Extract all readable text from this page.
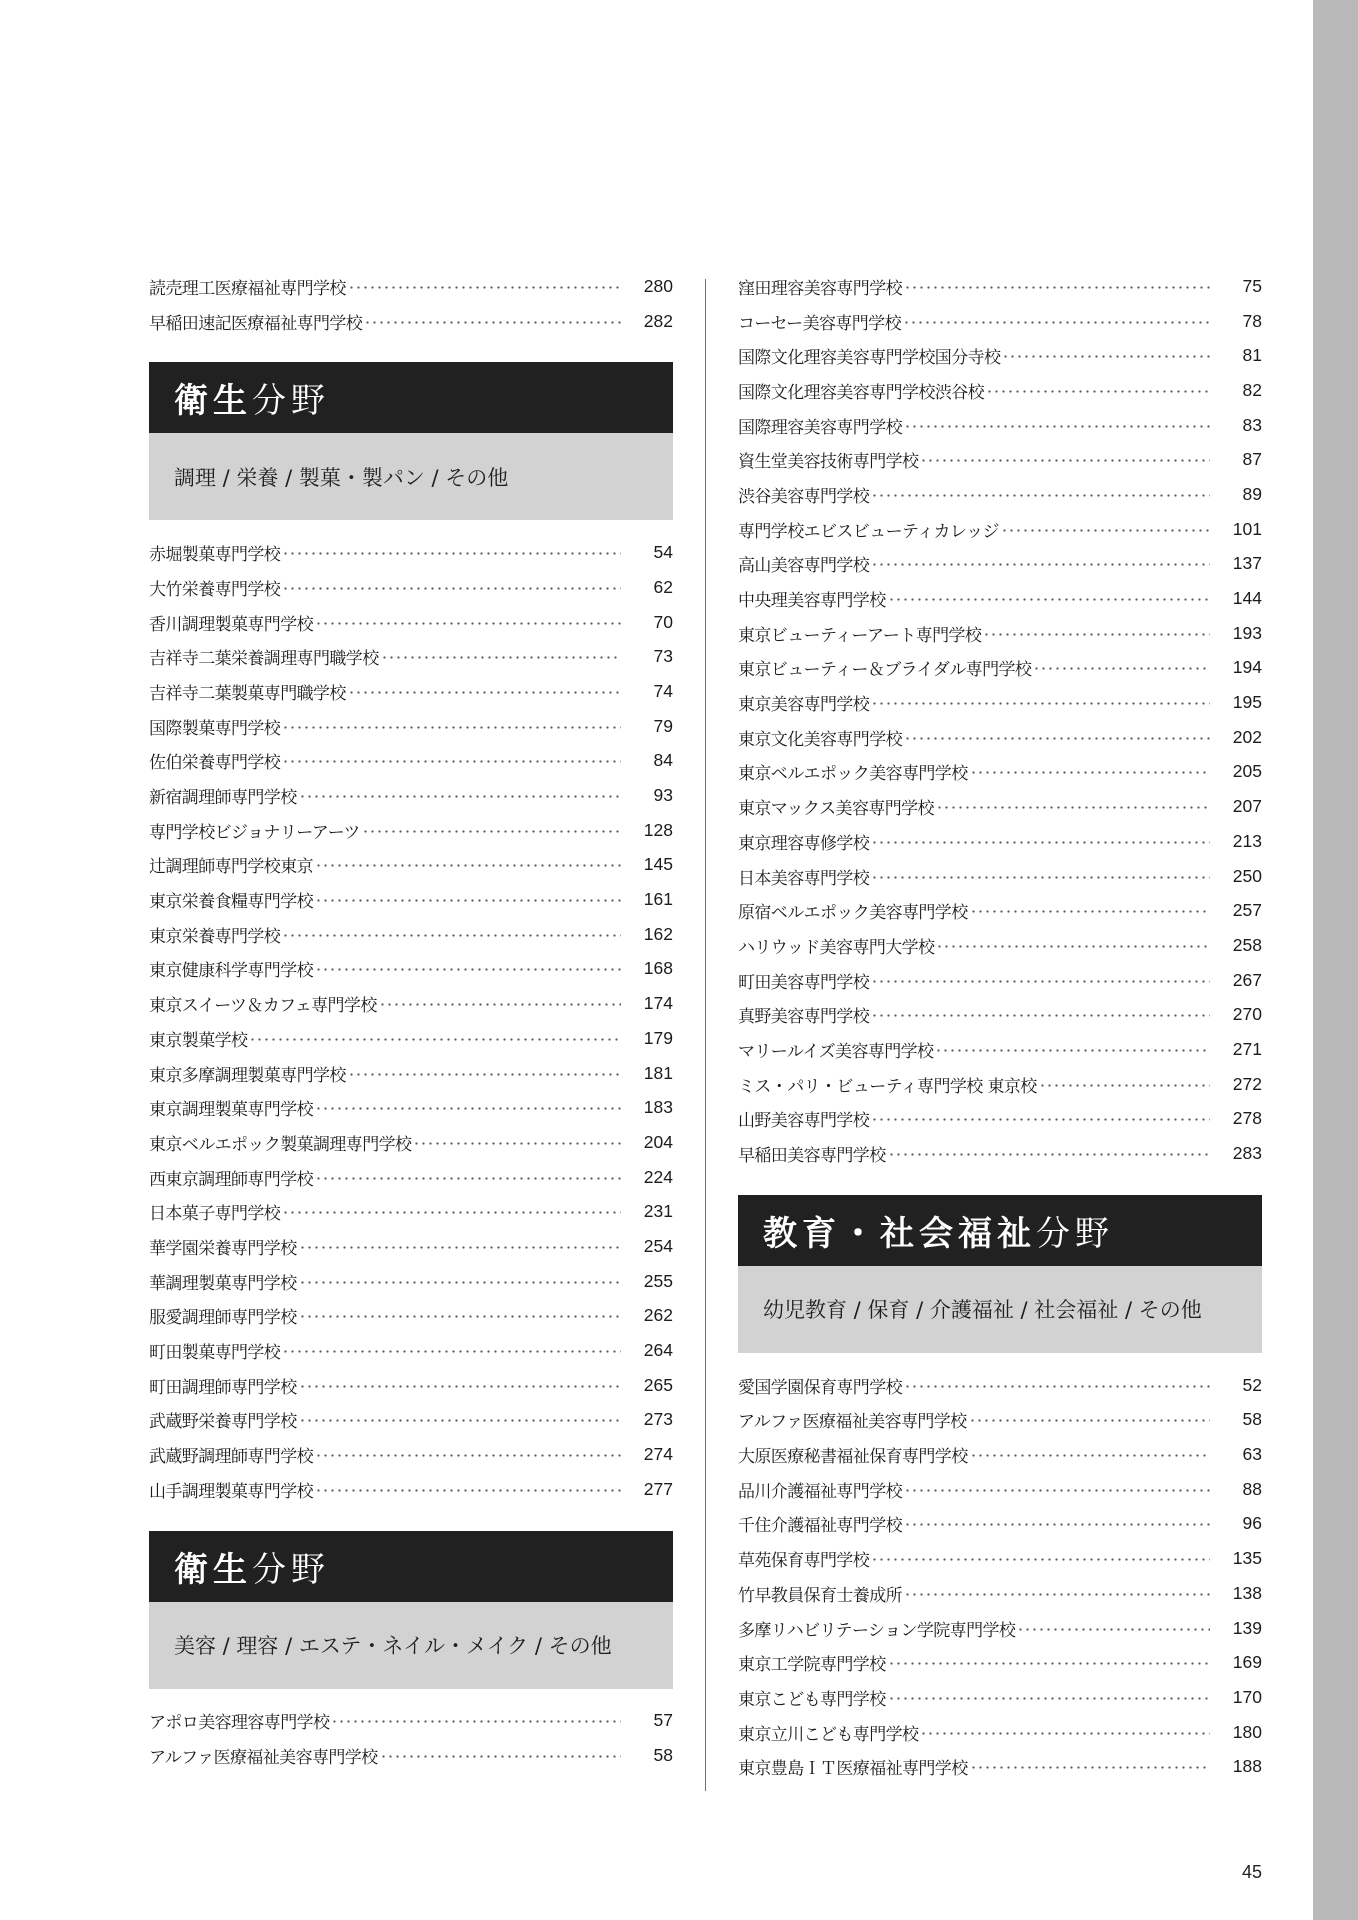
読売理工医療福祉専門学校	280
早稲田速記医療福祉専門学校	282
衛生 分野
調理 / 栄養 / 製菓・製パン / その他
赤堀製菓専門学校	54
大竹栄養専門学校	62
香川調理製菓専門学校	70
吉祥寺二葉栄養調理専門職学校	73
吉祥寺二葉製菓専門職学校	74
国際製菓専門学校	79
佐伯栄養専門学校	84
新宿調理師専門学校	93
専門学校ビジョナリーアーツ	128
辻調理師専門学校東京	145
東京栄養食糧専門学校	161
東京栄養専門学校	162
東京健康科学専門学校	168
東京スイーツ＆カフェ専門学校	174
東京製菓学校	179
東京多摩調理製菓専門学校	181
東京調理製菓専門学校	183
東京ベルエポック製菓調理専門学校	204
西東京調理師専門学校	224
日本菓子専門学校	231
華学園栄養専門学校	254
華調理製菓専門学校	255
服愛調理師専門学校	262
町田製菓専門学校	264
町田調理師専門学校	265
武蔵野栄養専門学校	273
武蔵野調理師専門学校	274
山手調理製菓専門学校	277
衛生 分野
美容 / 理容 / エステ・ネイル・メイク / その他
アポロ美容理容専門学校	57
アルファ医療福祉美容専門学校	58
窪田理容美容専門学校	75
コーセー美容専門学校	78
国際文化理容美容専門学校国分寺校	81
国際文化理容美容専門学校渋谷校	82
国際理容美容専門学校	83
資生堂美容技術専門学校	87
渋谷美容専門学校	89
専門学校エビスビューティカレッジ	101
高山美容専門学校	137
中央理美容専門学校	144
東京ビューティーアート専門学校	193
東京ビューティー＆ブライダル専門学校	194
東京美容専門学校	195
東京文化美容専門学校	202
東京ベルエポック美容専門学校	205
東京マックス美容専門学校	207
東京理容専修学校	213
日本美容専門学校	250
原宿ベルエポック美容専門学校	257
ハリウッド美容専門大学校	258
町田美容専門学校	267
真野美容専門学校	270
マリールイズ美容専門学校	271
ミス・パリ・ビューティ専門学校 東京校	272
山野美容専門学校	278
早稲田美容専門学校	283
教育・社会福祉 分野
幼児教育 / 保育 / 介護福祉 / 社会福祉 / その他
愛国学園保育専門学校	52
アルファ医療福祉美容専門学校	58
大原医療秘書福祉保育専門学校	63
品川介護福祉専門学校	88
千住介護福祉専門学校	96
草苑保育専門学校	135
竹早教員保育士養成所	138
多摩リハビリテーション学院専門学校	139
東京工学院専門学校	169
東京こども専門学校	170
東京立川こども専門学校	180
東京豊島ＩＴ医療福祉専門学校	188
45
